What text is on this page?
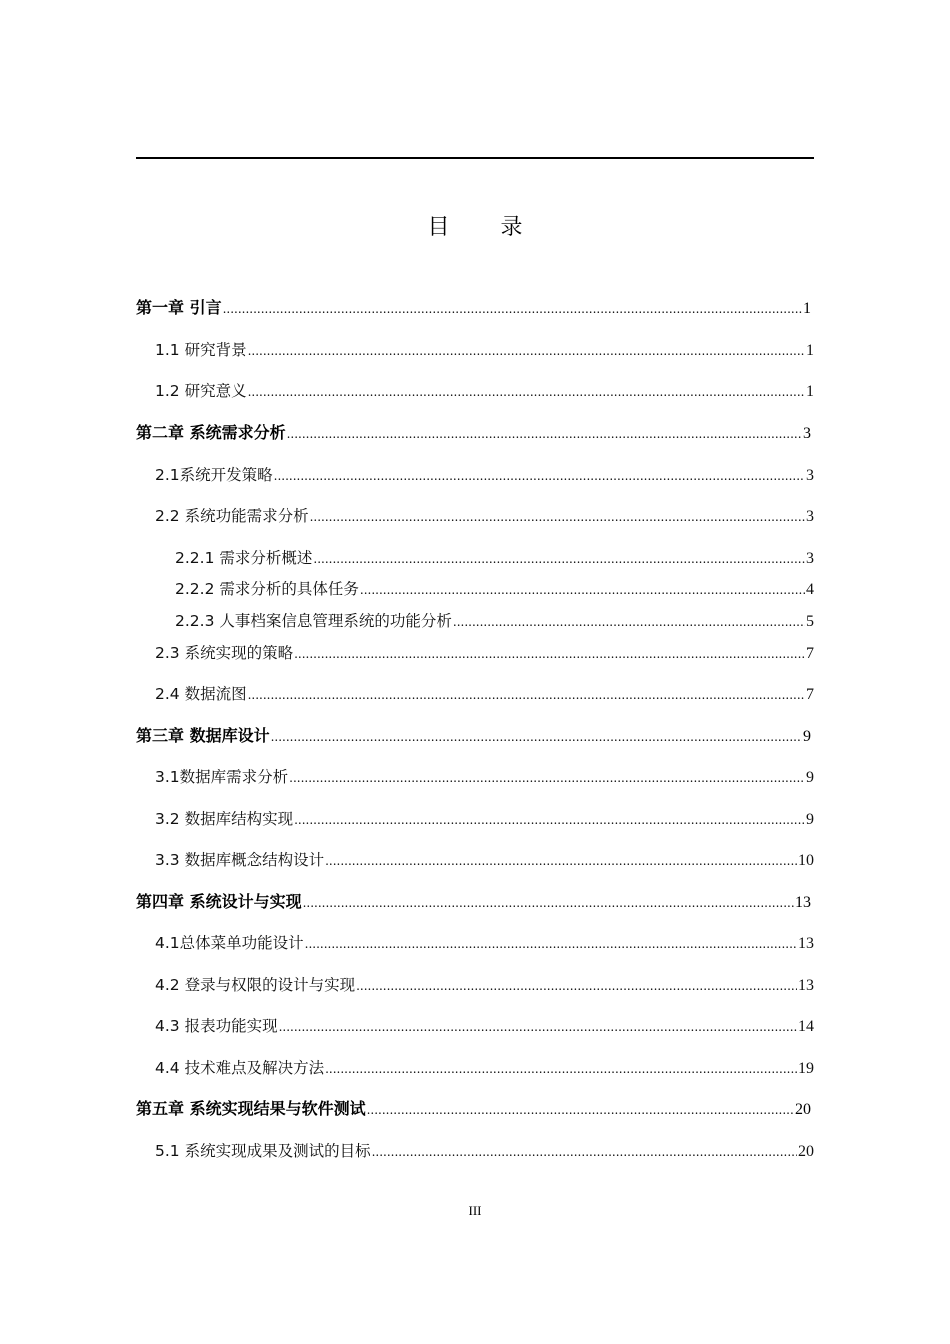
目 录
第一章 引言 .....	1
1.1 研究背景 .....	1
1.2 研究意义 .....	1
第二章 系统需求分析 .....	3
2.1系统开发策略 .....	3
2.2 系统功能需求分析 .....	3
2.2.1 需求分析概述 .....	3
2.2.2 需求分析的具体任务 .....	4
2.2.3 人事档案信息管理系统的功能分析 .....	5
2.3 系统实现的策略 .....	7
2.4 数据流图 .....	7
第三章 数据库设计 .....	9
3.1数据库需求分析 .....	9
3.2 数据库结构实现 .....	9
3.3 数据库概念结构设计 .....	10
第四章 系统设计与实现 .....	13
4.1总体菜单功能设计 .....	13
4.2 登录与权限的设计与实现 .....	13
4.3 报表功能实现 .....	14
4.4 技术难点及解决方法 .....	19
第五章 系统实现结果与软件测试 .....	20
5.1 系统实现成果及测试的目标 .....	20
III
